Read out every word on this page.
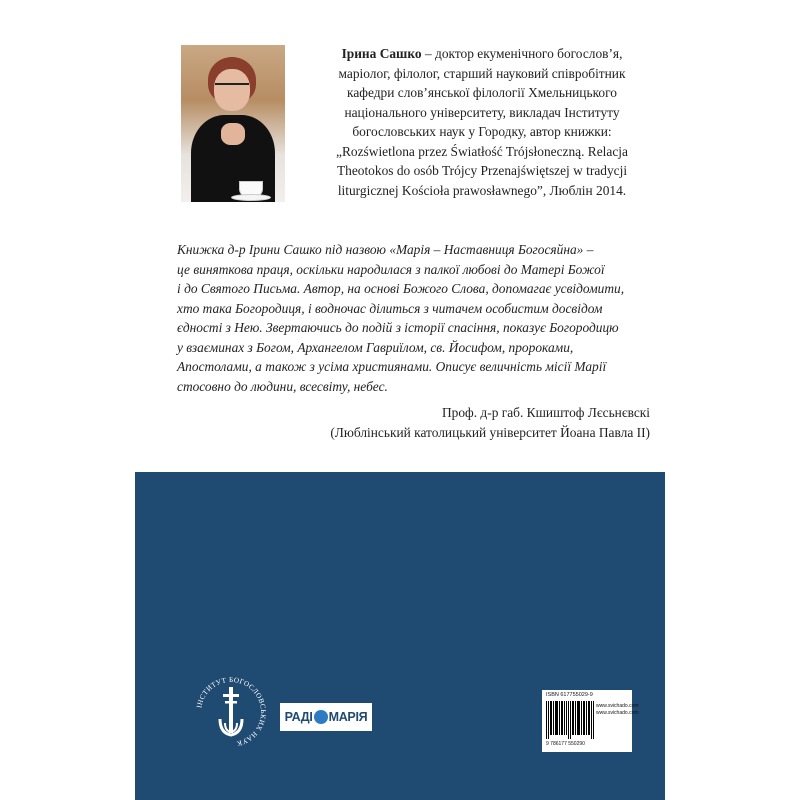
Ірина Сашко – доктор екуменічного богослов’я,
маріолог, філолог, старший науковий співробітник
кафедри слов’янської філології Хмельницького
національного університету, викладач Інституту
богословських наук у Городку, автор книжки:
„Rozświetlona przez Światłość Trójsłoneczną. Relacja
Theotokos do osób Trójcy Przenajświętszej w tradycji
liturgicznej Kościoła prawosławnego”, Люблін 2014.

Книжка д-р Ірини Сашко під назвою «Марія – Наставниця Богосяйна» –
це виняткова праця, оскільки народилася з палкої любові до Матері Божої
і до Святого Письма. Автор, на основі Божого Слова, допомагає усвідомити,
хто така Богородиця, і водночас ділиться з читачем особистим досвідом
єдності з Нею. Звертаючись до подій з історії спасіння, показує Богородицю
у взаєминах з Богом, Архангелом Гавриїлом, св. Йосифом, пророками,
Апостолами, а також з усіма християнами. Описує величність місії Марії
стосовно до людини, всесвіту, небес.

Проф. д-р габ. Кшиштоф Лєсьнєвскі
(Люблінський католицький університет Йоана Павла ІІ)
ІНСТИТУТ БОГОСЛОВСЬКИХ НАУК
РАДІ МАРІЯ
ISBN 617755029-9
9 786177 550290
www.svichado.com
www.svichado.com
